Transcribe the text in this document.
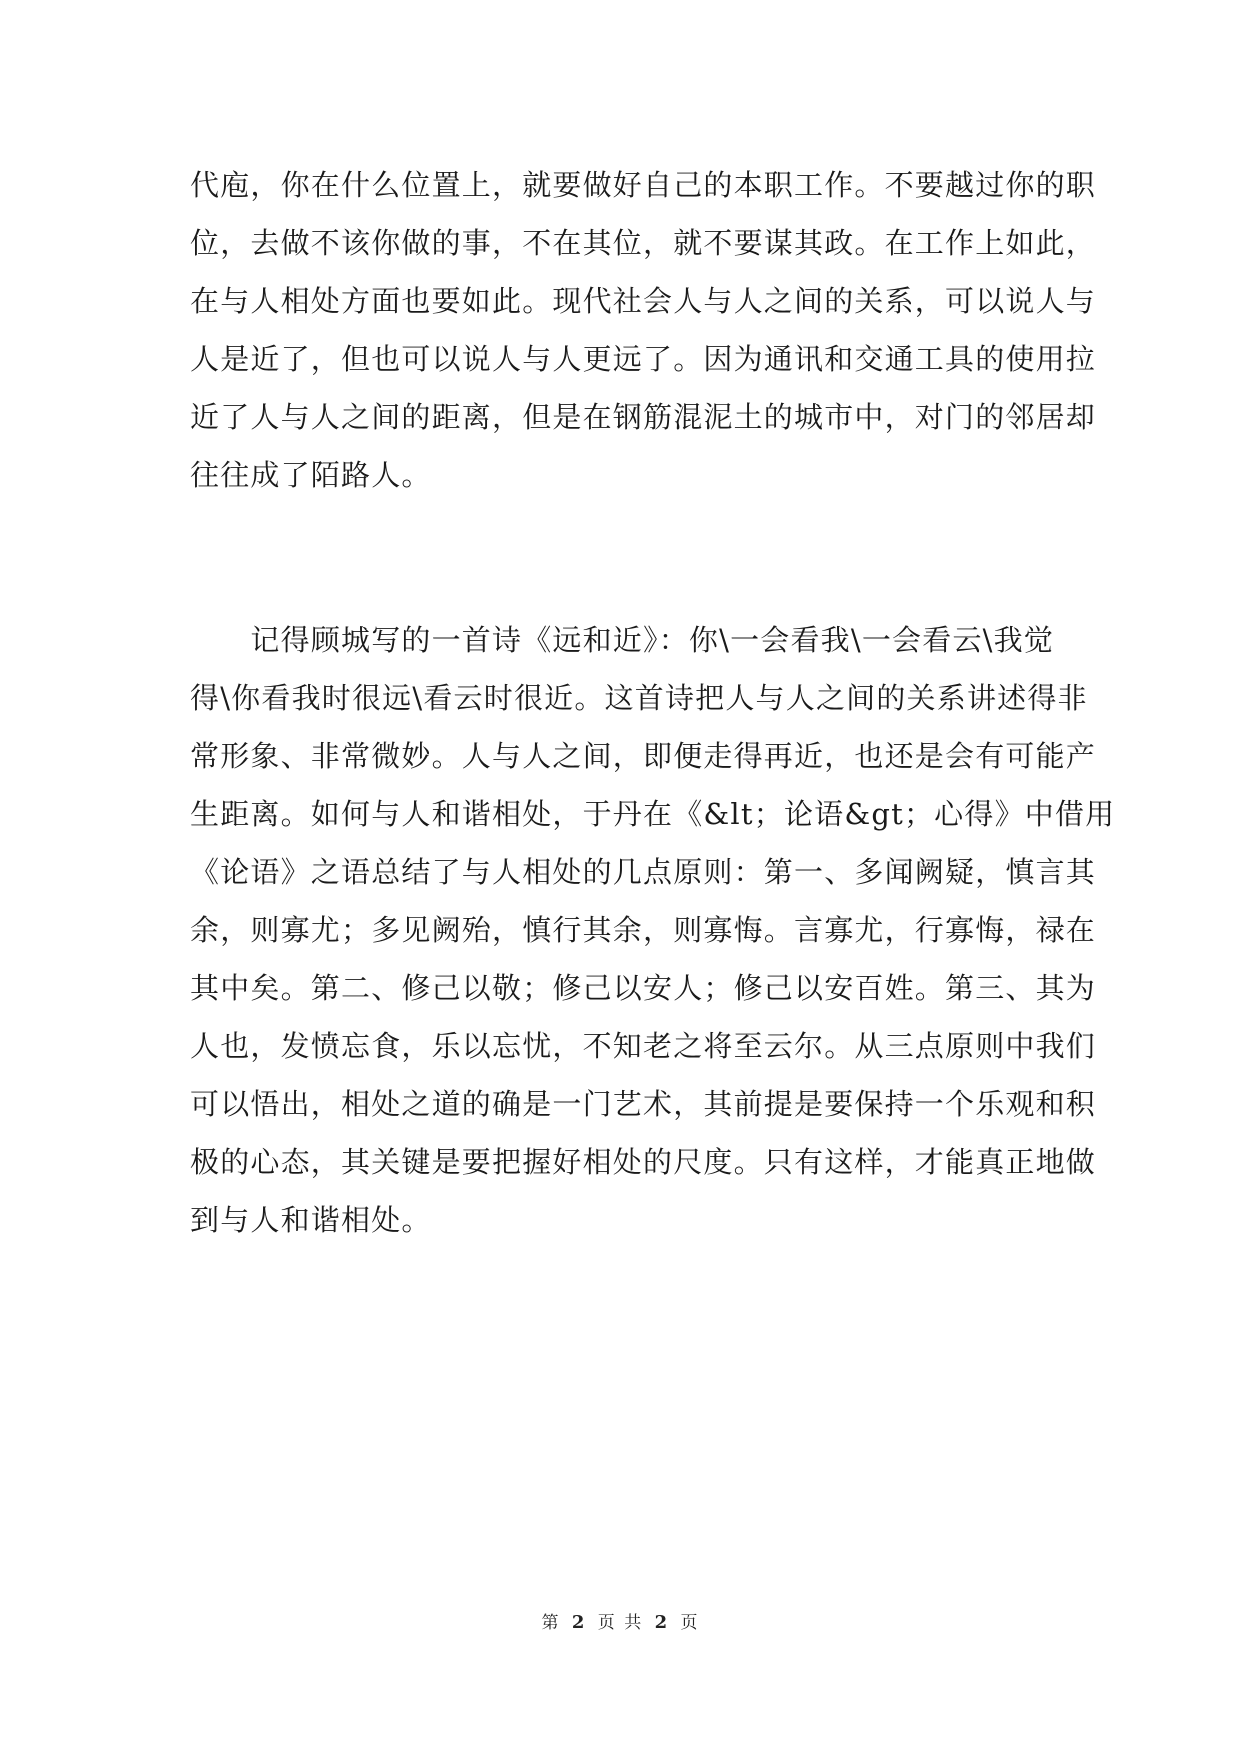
代庖，你在什么位置上，就要做好自己的本职工作。不要越过你的职
位，去做不该你做的事，不在其位，就不要谋其政。在工作上如此，
在与人相处方面也要如此。现代社会人与人之间的关系，可以说人与
人是近了，但也可以说人与人更远了。因为通讯和交通工具的使用拉
近了人与人之间的距离，但是在钢筋混泥土的城市中，对门的邻居却
往往成了陌路人。
　　记得顾城写的一首诗《远和近》：你\一会看我\一会看云\我觉
得\你看我时很远\看云时很近。这首诗把人与人之间的关系讲述得非
常形象、非常微妙。人与人之间，即便走得再近，也还是会有可能产
生距离。如何与人和谐相处，于丹在《&lt；论语&gt；心得》中借用
《论语》之语总结了与人相处的几点原则：第一、多闻阙疑，慎言其
余，则寡尤；多见阙殆，慎行其余，则寡悔。言寡尤，行寡悔，禄在
其中矣。第二、修己以敬；修己以安人；修己以安百姓。第三、其为
人也，发愤忘食，乐以忘忧，不知老之将至云尔。从三点原则中我们
可以悟出，相处之道的确是一门艺术，其前提是要保持一个乐观和积
极的心态，其关键是要把握好相处的尺度。只有这样，才能真正地做
到与人和谐相处。
第 2 页 共 2 页
